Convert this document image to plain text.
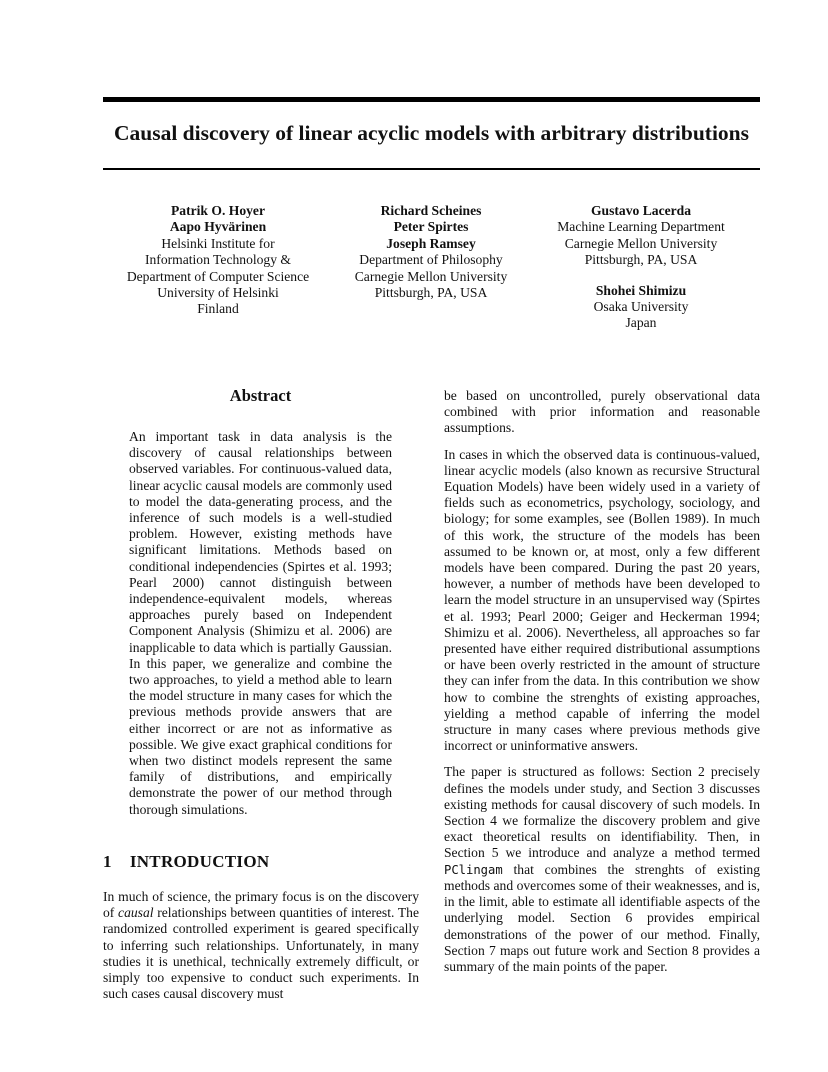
Causal discovery of linear acyclic models with arbitrary distributions
Patrik O. Hoyer
Aapo Hyvärinen
Helsinki Institute for
Information Technology &
Department of Computer Science
University of Helsinki
Finland
Richard Scheines
Peter Spirtes
Joseph Ramsey
Department of Philosophy
Carnegie Mellon University
Pittsburgh, PA, USA
Gustavo Lacerda
Machine Learning Department
Carnegie Mellon University
Pittsburgh, PA, USA
Shohei Shimizu
Osaka University
Japan
Abstract
An important task in data analysis is the discovery of causal relationships between observed variables. For continuous-valued data, linear acyclic causal models are commonly used to model the data-generating process, and the inference of such models is a well-studied problem. However, existing methods have significant limitations. Methods based on conditional independencies (Spirtes et al. 1993; Pearl 2000) cannot distinguish between independence-equivalent models, whereas approaches purely based on Independent Component Analysis (Shimizu et al. 2006) are inapplicable to data which is partially Gaussian. In this paper, we generalize and combine the two approaches, to yield a method able to learn the model structure in many cases for which the previous methods provide answers that are either incorrect or are not as informative as possible. We give exact graphical conditions for when two distinct models represent the same family of distributions, and empirically demonstrate the power of our method through thorough simulations.
1 INTRODUCTION
In much of science, the primary focus is on the discovery of causal relationships between quantities of interest. The randomized controlled experiment is geared specifically to inferring such relationships. Unfortunately, in many studies it is unethical, technically extremely difficult, or simply too expensive to conduct such experiments. In such cases causal discovery must

be based on uncontrolled, purely observational data combined with prior information and reasonable assumptions.

In cases in which the observed data is continuous-valued, linear acyclic models (also known as recursive Structural Equation Models) have been widely used in a variety of fields such as econometrics, psychology, sociology, and biology; for some examples, see (Bollen 1989). In much of this work, the structure of the models has been assumed to be known or, at most, only a few different models have been compared. During the past 20 years, however, a number of methods have been developed to learn the model structure in an unsupervised way (Spirtes et al. 1993; Pearl 2000; Geiger and Heckerman 1994; Shimizu et al. 2006). Nevertheless, all approaches so far presented have either required distributional assumptions or have been overly restricted in the amount of structure they can infer from the data. In this contribution we show how to combine the strenghts of existing approaches, yielding a method capable of inferring the model structure in many cases where previous methods give incorrect or uninformative answers.

The paper is structured as follows: Section 2 precisely defines the models under study, and Section 3 discusses existing methods for causal discovery of such models. In Section 4 we formalize the discovery problem and give exact theoretical results on identifiability. Then, in Section 5 we introduce and analyze a method termed PClingam that combines the strenghts of existing methods and overcomes some of their weaknesses, and is, in the limit, able to estimate all identifiable aspects of the underlying model. Section 6 provides empirical demonstrations of the power of our method. Finally, Section 7 maps out future work and Section 8 provides a summary of the main points of the paper.
